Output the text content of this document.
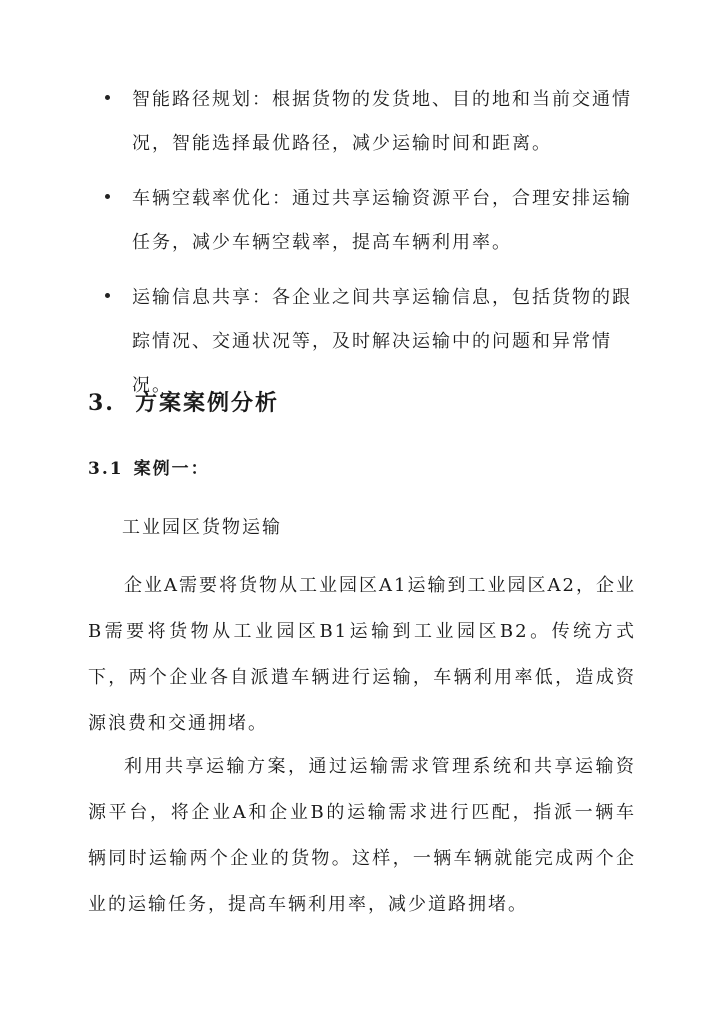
智能路径规划：根据货物的发货地、目的地和当前交通情况，智能选择最优路径，减少运输时间和距离。
车辆空载率优化：通过共享运输资源平台，合理安排运输任务，减少车辆空载率，提高车辆利用率。
运输信息共享：各企业之间共享运输信息，包括货物的跟踪情况、交通状况等，及时解决运输中的问题和异常情况。
3. 方案案例分析
3.1 案例一：
工业园区货物运输
企业A需要将货物从工业园区A1运输到工业园区A2，企业B需要将货物从工业园区B1运输到工业园区B2。传统方式下，两个企业各自派遣车辆进行运输，车辆利用率低，造成资源浪费和交通拥堵。
利用共享运输方案，通过运输需求管理系统和共享运输资源平台，将企业A和企业B的运输需求进行匹配，指派一辆车辆同时运输两个企业的货物。这样，一辆车辆就能完成两个企业的运输任务，提高车辆利用率，减少道路拥堵。
